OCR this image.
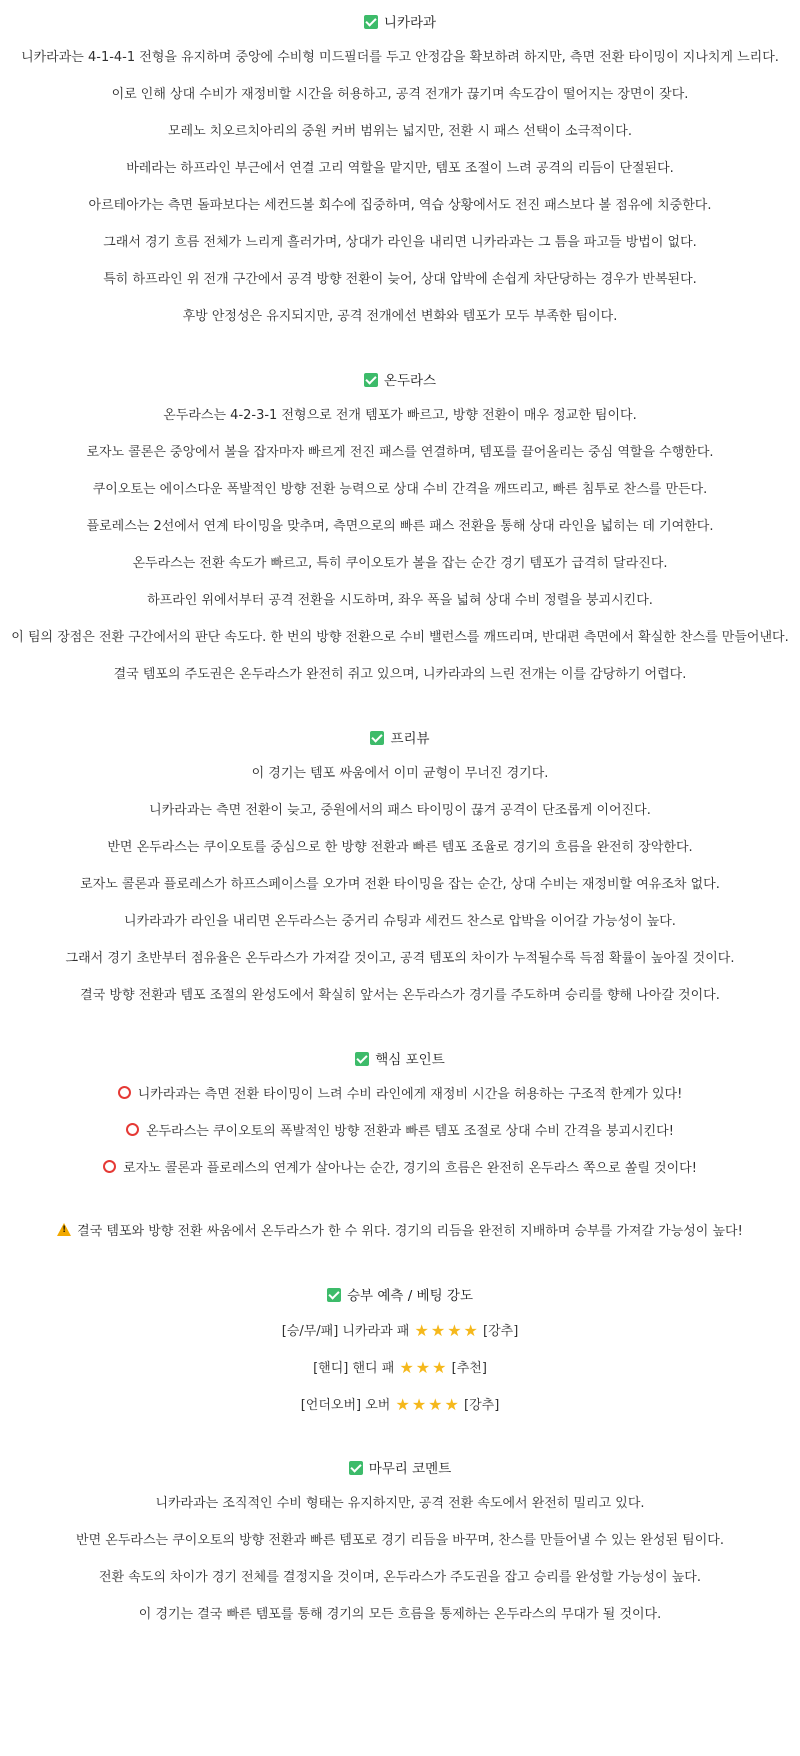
니카라과

니카라과는 4-1-4-1 전형을 유지하며 중앙에 수비형 미드필더를 두고 안정감을 확보하려 하지만, 측면 전환 타이밍이 지나치게 느리다.

이로 인해 상대 수비가 재정비할 시간을 허용하고, 공격 전개가 끊기며 속도감이 떨어지는 장면이 잦다.

모레노 치오르치아리의 중원 커버 범위는 넓지만, 전환 시 패스 선택이 소극적이다.

바레라는 하프라인 부근에서 연결 고리 역할을 맡지만, 템포 조절이 느려 공격의 리듬이 단절된다.

아르테아가는 측면 돌파보다는 세컨드볼 회수에 집중하며, 역습 상황에서도 전진 패스보다 볼 점유에 치중한다.

그래서 경기 흐름 전체가 느리게 흘러가며, 상대가 라인을 내리면 니카라과는 그 틈을 파고들 방법이 없다.

특히 하프라인 위 전개 구간에서 공격 방향 전환이 늦어, 상대 압박에 손쉽게 차단당하는 경우가 반복된다.

후방 안정성은 유지되지만, 공격 전개에선 변화와 템포가 모두 부족한 팀이다.

온두라스

온두라스는 4-2-3-1 전형으로 전개 템포가 빠르고, 방향 전환이 매우 정교한 팀이다.

로자노 콜론은 중앙에서 볼을 잡자마자 빠르게 전진 패스를 연결하며, 템포를 끌어올리는 중심 역할을 수행한다.

쿠이오토는 에이스다운 폭발적인 방향 전환 능력으로 상대 수비 간격을 깨뜨리고, 빠른 침투로 찬스를 만든다.

플로레스는 2선에서 연계 타이밍을 맞추며, 측면으로의 빠른 패스 전환을 통해 상대 라인을 넓히는 데 기여한다.

온두라스는 전환 속도가 빠르고, 특히 쿠이오토가 볼을 잡는 순간 경기 템포가 급격히 달라진다.

하프라인 위에서부터 공격 전환을 시도하며, 좌우 폭을 넓혀 상대 수비 정렬을 붕괴시킨다.

이 팀의 장점은 전환 구간에서의 판단 속도다. 한 번의 방향 전환으로 수비 밸런스를 깨뜨리며, 반대편 측면에서 확실한 찬스를 만들어낸다.

결국 템포의 주도권은 온두라스가 완전히 쥐고 있으며, 니카라과의 느린 전개는 이를 감당하기 어렵다.

프리뷰

이 경기는 템포 싸움에서 이미 균형이 무너진 경기다.

니카라과는 측면 전환이 늦고, 중원에서의 패스 타이밍이 끊겨 공격이 단조롭게 이어진다.

반면 온두라스는 쿠이오토를 중심으로 한 방향 전환과 빠른 템포 조율로 경기의 흐름을 완전히 장악한다.

로자노 콜론과 플로레스가 하프스페이스를 오가며 전환 타이밍을 잡는 순간, 상대 수비는 재정비할 여유조차 없다.

니카라과가 라인을 내리면 온두라스는 중거리 슈팅과 세컨드 찬스로 압박을 이어갈 가능성이 높다.

그래서 경기 초반부터 점유율은 온두라스가 가져갈 것이고, 공격 템포의 차이가 누적될수록 득점 확률이 높아질 것이다.

결국 방향 전환과 템포 조절의 완성도에서 확실히 앞서는 온두라스가 경기를 주도하며 승리를 향해 나아갈 것이다.

핵심 포인트

니카라과는 측면 전환 타이밍이 느려 수비 라인에게 재정비 시간을 허용하는 구조적 한계가 있다!

온두라스는 쿠이오토의 폭발적인 방향 전환과 빠른 템포 조절로 상대 수비 간격을 붕괴시킨다!

로자노 콜론과 플로레스의 연계가 살아나는 순간, 경기의 흐름은 완전히 온두라스 쪽으로 쏠릴 것이다!

!결국 템포와 방향 전환 싸움에서 온두라스가 한 수 위다. 경기의 리듬을 완전히 지배하며 승부를 가져갈 가능성이 높다!

승부 예측 / 베팅 강도

[승/무/패] 니카라과 패 ★ ★ ★ ★ [강추]

[핸디] 핸디 패 ★ ★ ★ [추천]

[언더오버] 오버 ★ ★ ★ ★ [강추]

마무리 코멘트

니카라과는 조직적인 수비 형태는 유지하지만, 공격 전환 속도에서 완전히 밀리고 있다.

반면 온두라스는 쿠이오토의 방향 전환과 빠른 템포로 경기 리듬을 바꾸며, 찬스를 만들어낼 수 있는 완성된 팀이다.

전환 속도의 차이가 경기 전체를 결정지을 것이며, 온두라스가 주도권을 잡고 승리를 완성할 가능성이 높다.

이 경기는 결국 빠른 템포를 통해 경기의 모든 흐름을 통제하는 온두라스의 무대가 될 것이다.
